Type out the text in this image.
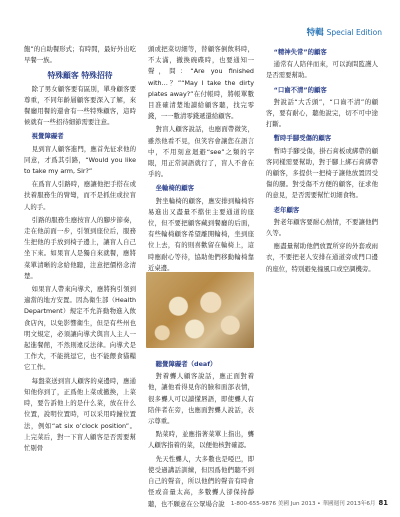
特輯 Special Edition

飽”的自助餐形式；有時間，最好外出吃早餐一族。

特殊顧客 特殊招待

除了男女顧客要有區別，單身顧客要尊重，不同年齡層顧客要深入了解，來餐廳用餐的還會有一些特殊顧客，這時候就有一些招待細節需要注意。

視覺障礙者

見到盲人顧客進門，應首先征求他的同意，才爲其引路，“Would you like to take my arm, Sir?”

在爲盲人引路時，應讓他把手搭在或扶着服務生的臂彎，而不是抓住或拉盲人的手。

引路的服務生應按盲人的腳步節奏，走在他前面一步，引領到座位后，服務生把他的手放到椅子邊上，讓盲人自己坐下來。如果盲人是獨自來就餐，應將菜單清晰的念給他聽，注意把價格念清楚。

如果盲人帶來向導犬，應將狗引領到適當的地方安置。因為衛生部（Health Department）規定不允許動物進入飲食店內，以免影響衛生，但是有些州也明文規定，必須讓向導犬與盲人主人一起進餐館，不然則違反法律。向導犬是工作犬，不能挑逗它，也不能餵食貓糧它工作。

每盤菜送到盲人顧客的桌邊時，應通知他你到了，正爲他上菜或撤換，上菜時，要告訴他上的是什么菜，放在什么位置，說明位置時，可以采用時鐘位置法，例如“at six o’clock position”。上完菜后，對一下盲人顧客是否需要幫忙剔骨

頭或把菜切細等，替顧客倒飲料時，不太滿，撤換碗碟時，也要通知一聲，問：“Are you finished with…？”“May I take the dirty plates away?”在付帳時，將帳單數目准確清楚地讀給顧客聽，找完零錢，一一數清零錢遞還給顧客。

對盲人顧客說話，也應面帶微笑，雖然他看不見，但笑容會讓您在語言中，不用刻意迴避“see”之類的字眼，用正常詞語就行了，盲人不會在乎的。

坐輪椅的顧客

對坐輪椅的顧客，應安排到輪椅容易進出又盡量不擋住主要通道的座位，但不要把顧客藏到餐廳的后面，有些輪椅顧客希望離開輪椅，坐到座位上去，有的則喜歡留在輪椅上，這時應耐心等待，協助他們移動輪椅靠近桌邊。

聽覺障礙者（deaf）

對着聾人顧客說話，應正面對着他，讓他看得見你的臉和面部表情，很多聾人可以讀懂唇語，即使聾人有陪伴者在旁，也應面對聾人說話，表示尊重。

點菜時，並應指著菜單上指出，聾人顧客指着的菜，以便他核對確認。

先天性聾人，大多數也是啞巴，即使受過講話訓練，但因爲他們聽不到自己的聲音，所以他們的聲音有時會怪或音量太高，多數聾人卻保持靜聽，也不願意在公眾場合說

“精神失常”的顧客

通常有人陪伴而來，可以詢問監護人是否需要幫助。

“口齒不清”的顧客

對說話“大舌頭”，“口齒不清”的顧客，要有耐心，聽他說完，切不可中途打斷。

暫時手腳受傷的顧客

暫時手腳受傷，掛石膏板或綁帶的顧客同樣需要幫助，對于腳上綁石膏綁帶的顧客，多提供一把椅子讓他放置因受傷的腿。對受傷不方便的顧客，征求他的意見，是否需要幫忙切細食物。

老年顧客

對老年顧客要耐心熱情，不要讓他們久等。

應盡量幫助他們放置所穿的外套或雨衣，不要把老人安排在通道旁或門口邊的座位，特別避免撞風口或空調機旁。

1-800-655-9876 美國 Jun 2013 • 華國週刊 2013年6月 81
